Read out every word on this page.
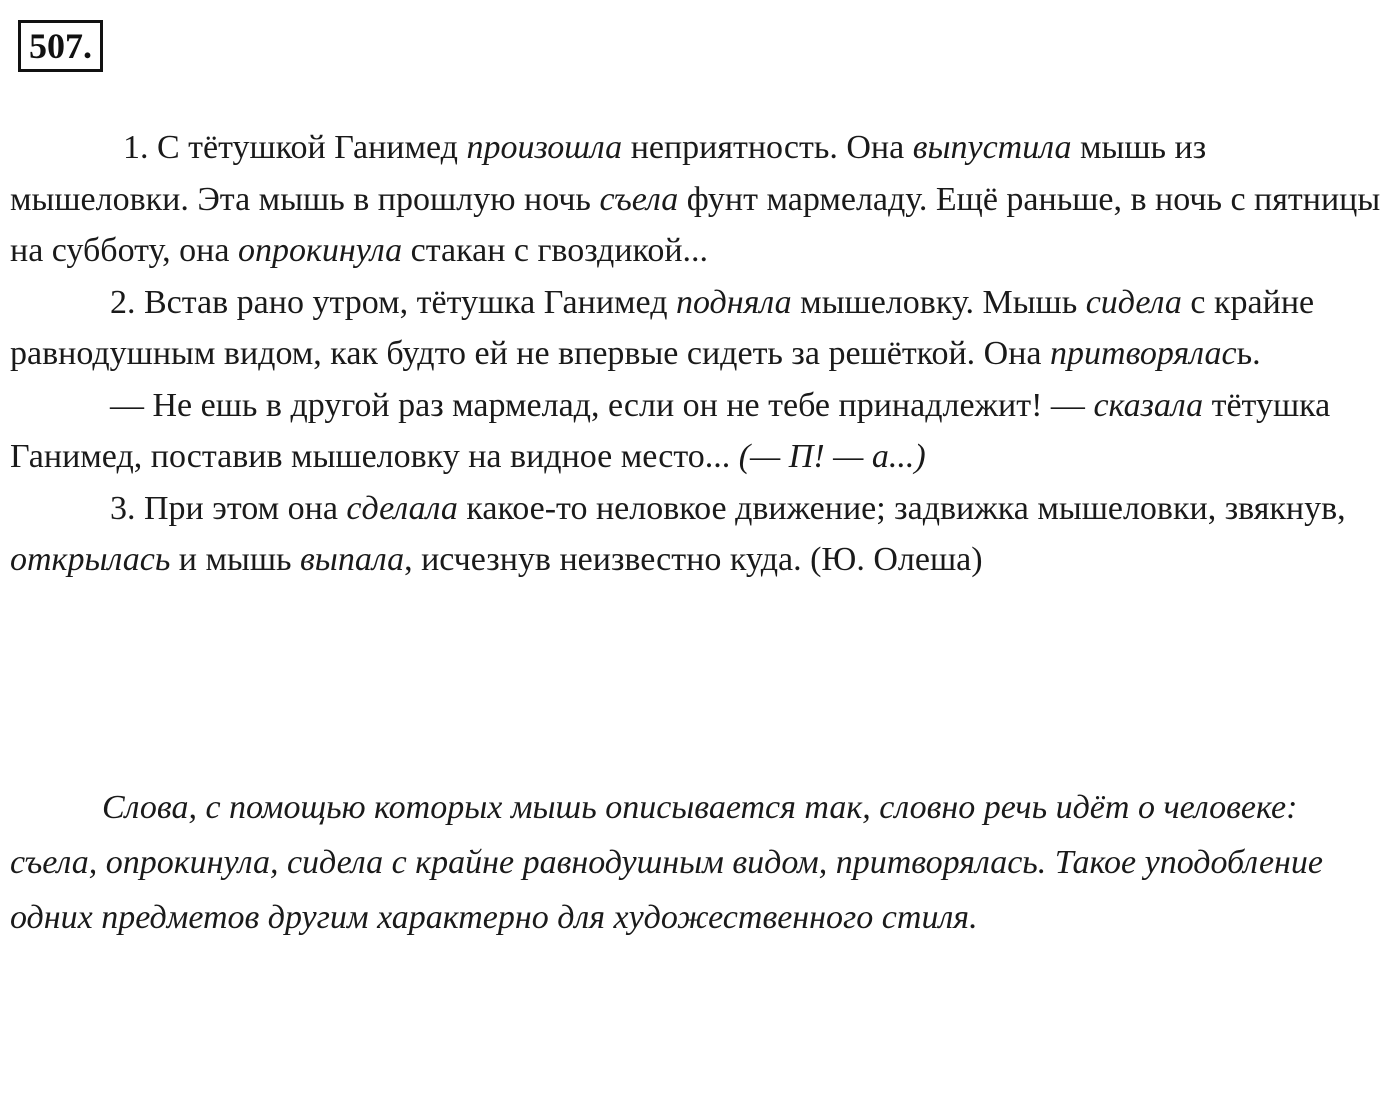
507.

1. С тётушкой Ганимед произошла неприятность. Она выпустила мышь из мышеловки. Эта мышь в прошлую ночь съела фунт мармеладу. Ещё раньше, в ночь с пятницы на субботу, она опрокинула стакан с гвоздикой...

2. Встав рано утром, тётушка Ганимед подняла мышеловку. Мышь сидела с крайне равнодушным видом, как будто ей не впервые сидеть за решёткой. Она притворялась.

— Не ешь в другой раз мармелад, если он не тебе принадлежит! — сказала тётушка Ганимед, поставив мышеловку на видное место... (— П! — а...)

3. При этом она сделала какое-то неловкое движение; задвижка мышеловки, звякнув, открылась и мышь выпала, исчезнув неизвестно куда. (Ю. Олеша)

Слова, с помощью которых мышь описывается так, словно речь идёт о человеке: съела, опрокинула, сидела с крайне равнодушным видом, притворялась. Такое уподобление одних предметов другим характерно для художественного стиля.
